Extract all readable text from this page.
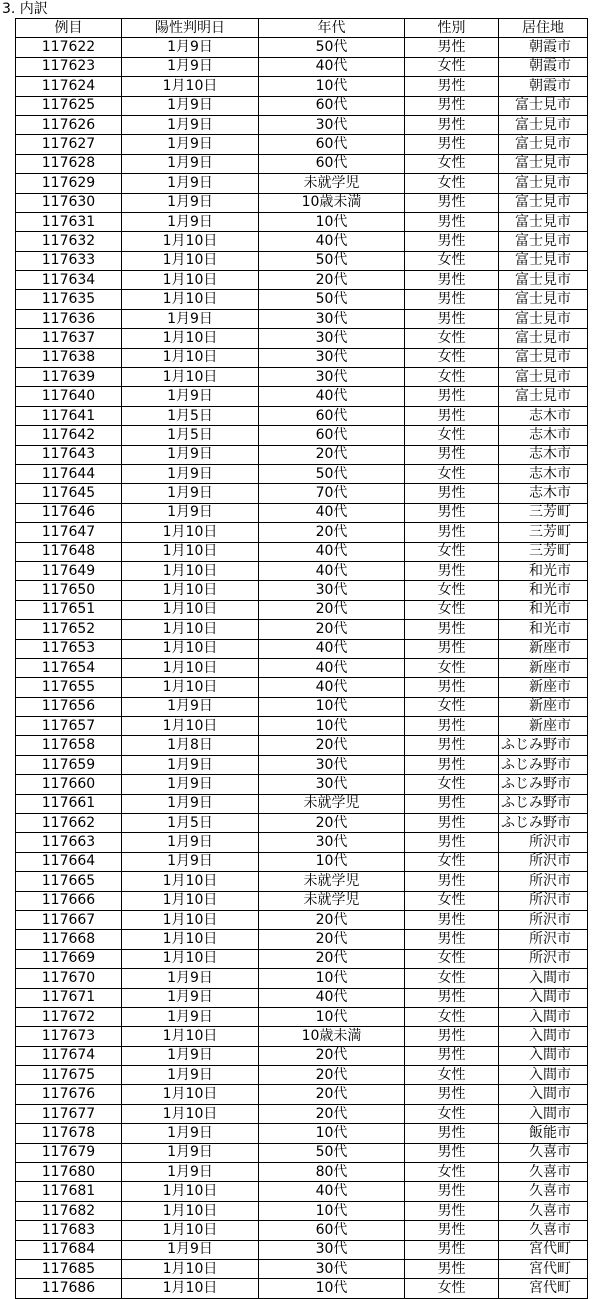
3. 内訳
例目	陽性判明日	年代	性別	居住地
117622	1月9日	50代	男性	朝霞市
117623	1月9日	40代	女性	朝霞市
117624	1月10日	10代	男性	朝霞市
117625	1月9日	60代	男性	富士見市
117626	1月9日	30代	男性	富士見市
117627	1月9日	60代	男性	富士見市
117628	1月9日	60代	女性	富士見市
117629	1月9日	未就学児	女性	富士見市
117630	1月9日	10歳未満	男性	富士見市
117631	1月9日	10代	男性	富士見市
117632	1月10日	40代	男性	富士見市
117633	1月10日	50代	女性	富士見市
117634	1月10日	20代	男性	富士見市
117635	1月10日	50代	男性	富士見市
117636	1月9日	30代	男性	富士見市
117637	1月10日	30代	女性	富士見市
117638	1月10日	30代	女性	富士見市
117639	1月10日	30代	女性	富士見市
117640	1月9日	40代	男性	富士見市
117641	1月5日	60代	男性	志木市
117642	1月5日	60代	女性	志木市
117643	1月9日	20代	男性	志木市
117644	1月9日	50代	女性	志木市
117645	1月9日	70代	男性	志木市
117646	1月9日	40代	男性	三芳町
117647	1月10日	20代	男性	三芳町
117648	1月10日	40代	女性	三芳町
117649	1月10日	40代	男性	和光市
117650	1月10日	30代	女性	和光市
117651	1月10日	20代	女性	和光市
117652	1月10日	20代	男性	和光市
117653	1月10日	40代	男性	新座市
117654	1月10日	40代	女性	新座市
117655	1月10日	40代	男性	新座市
117656	1月9日	10代	女性	新座市
117657	1月10日	10代	男性	新座市
117658	1月8日	20代	男性	ふじみ野市
117659	1月9日	30代	男性	ふじみ野市
117660	1月9日	30代	女性	ふじみ野市
117661	1月9日	未就学児	男性	ふじみ野市
117662	1月5日	20代	男性	ふじみ野市
117663	1月9日	30代	男性	所沢市
117664	1月9日	10代	女性	所沢市
117665	1月10日	未就学児	男性	所沢市
117666	1月10日	未就学児	女性	所沢市
117667	1月10日	20代	男性	所沢市
117668	1月10日	20代	男性	所沢市
117669	1月10日	20代	女性	所沢市
117670	1月9日	10代	女性	入間市
117671	1月9日	40代	男性	入間市
117672	1月9日	10代	女性	入間市
117673	1月10日	10歳未満	男性	入間市
117674	1月9日	20代	男性	入間市
117675	1月9日	20代	女性	入間市
117676	1月10日	20代	男性	入間市
117677	1月10日	20代	女性	入間市
117678	1月9日	10代	男性	飯能市
117679	1月9日	50代	男性	久喜市
117680	1月9日	80代	女性	久喜市
117681	1月10日	40代	男性	久喜市
117682	1月10日	10代	男性	久喜市
117683	1月10日	60代	男性	久喜市
117684	1月9日	30代	男性	宮代町
117685	1月10日	30代	男性	宮代町
117686	1月10日	10代	女性	宮代町
